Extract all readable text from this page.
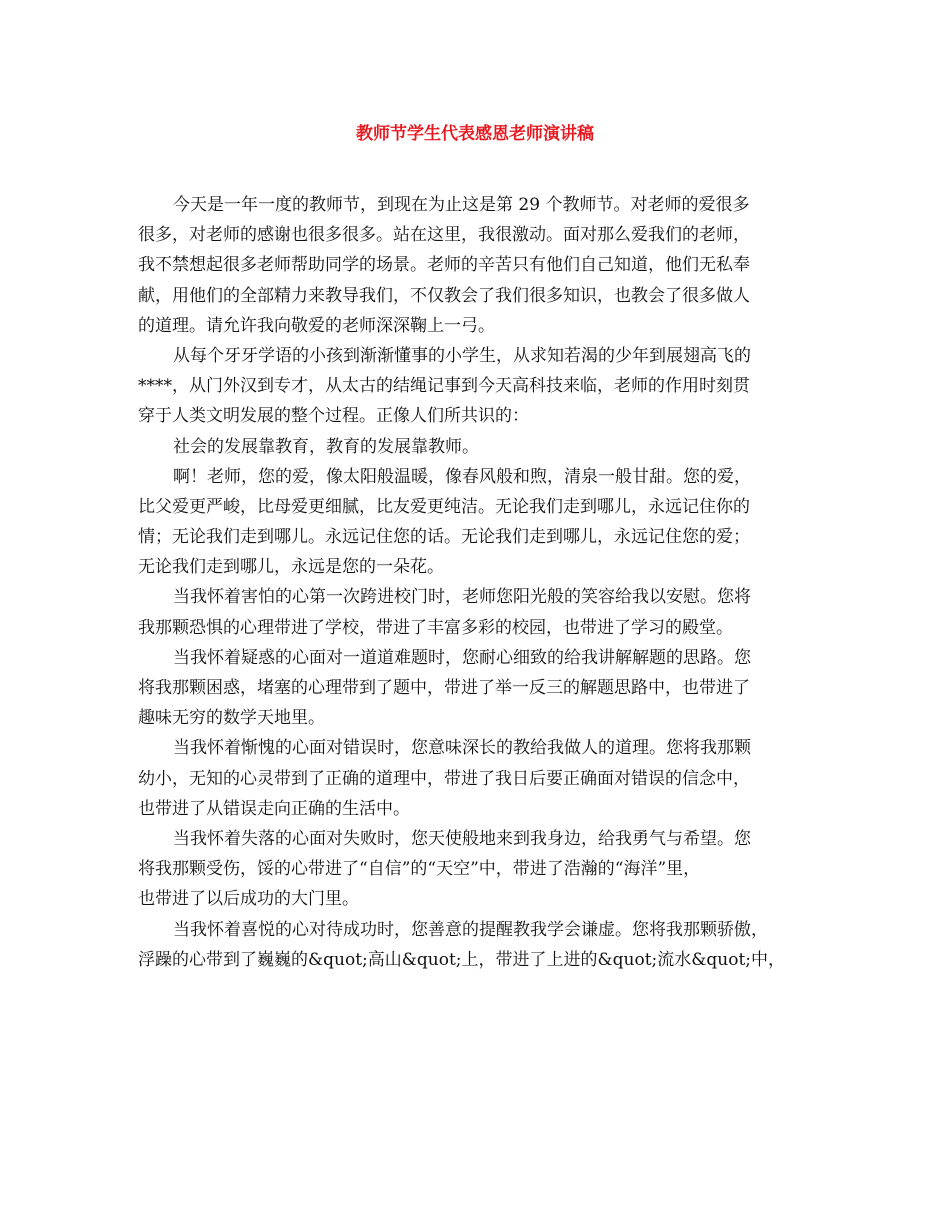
教师节学生代表感恩老师演讲稿
今天是一年一度的教师节，到现在为止这是第 29 个教师节。对老师的爱很多
很多，对老师的感谢也很多很多。站在这里，我很激动。面对那么爱我们的老师，
我不禁想起很多老师帮助同学的场景。老师的辛苦只有他们自己知道，他们无私奉
献，用他们的全部精力来教导我们，不仅教会了我们很多知识，也教会了很多做人
的道理。请允许我向敬爱的老师深深鞠上一弓。
从每个牙牙学语的小孩到渐渐懂事的小学生，从求知若渴的少年到展翅高飞的
****，从门外汉到专才，从太古的结绳记事到今天高科技来临，老师的作用时刻贯
穿于人类文明发展的整个过程。正像人们所共识的：
社会的发展靠教育，教育的发展靠教师。
啊！老师，您的爱，像太阳般温暖，像春风般和煦，清泉一般甘甜。您的爱，
比父爱更严峻，比母爱更细腻，比友爱更纯洁。无论我们走到哪儿，永远记住你的
情；无论我们走到哪儿。永远记住您的话。无论我们走到哪儿，永远记住您的爱；
无论我们走到哪儿，永远是您的一朵花。
当我怀着害怕的心第一次跨进校门时，老师您阳光般的笑容给我以安慰。您将
我那颗恐惧的心理带进了学校，带进了丰富多彩的校园，也带进了学习的殿堂。
当我怀着疑惑的心面对一道道难题时，您耐心细致的给我讲解解题的思路。您
将我那颗困惑，堵塞的心理带到了题中，带进了举一反三的解题思路中，也带进了
趣味无穷的数学天地里。
当我怀着惭愧的心面对错误时，您意味深长的教给我做人的道理。您将我那颗
幼小，无知的心灵带到了正确的道理中，带进了我日后要正确面对错误的信念中，
也带进了从错误走向正确的生活中。
当我怀着失落的心面对失败时，您天使般地来到我身边，给我勇气与希望。您
将我那颗受伤，馁的心带进了“自信”的“天空”中，带进了浩瀚的“海洋”里，
也带进了以后成功的大门里。
当我怀着喜悦的心对待成功时，您善意的提醒教我学会谦虚。您将我那颗骄傲，
浮躁的心带到了巍巍的&quot;高山&quot;上，带进了上进的&quot;流水&quot;中，
